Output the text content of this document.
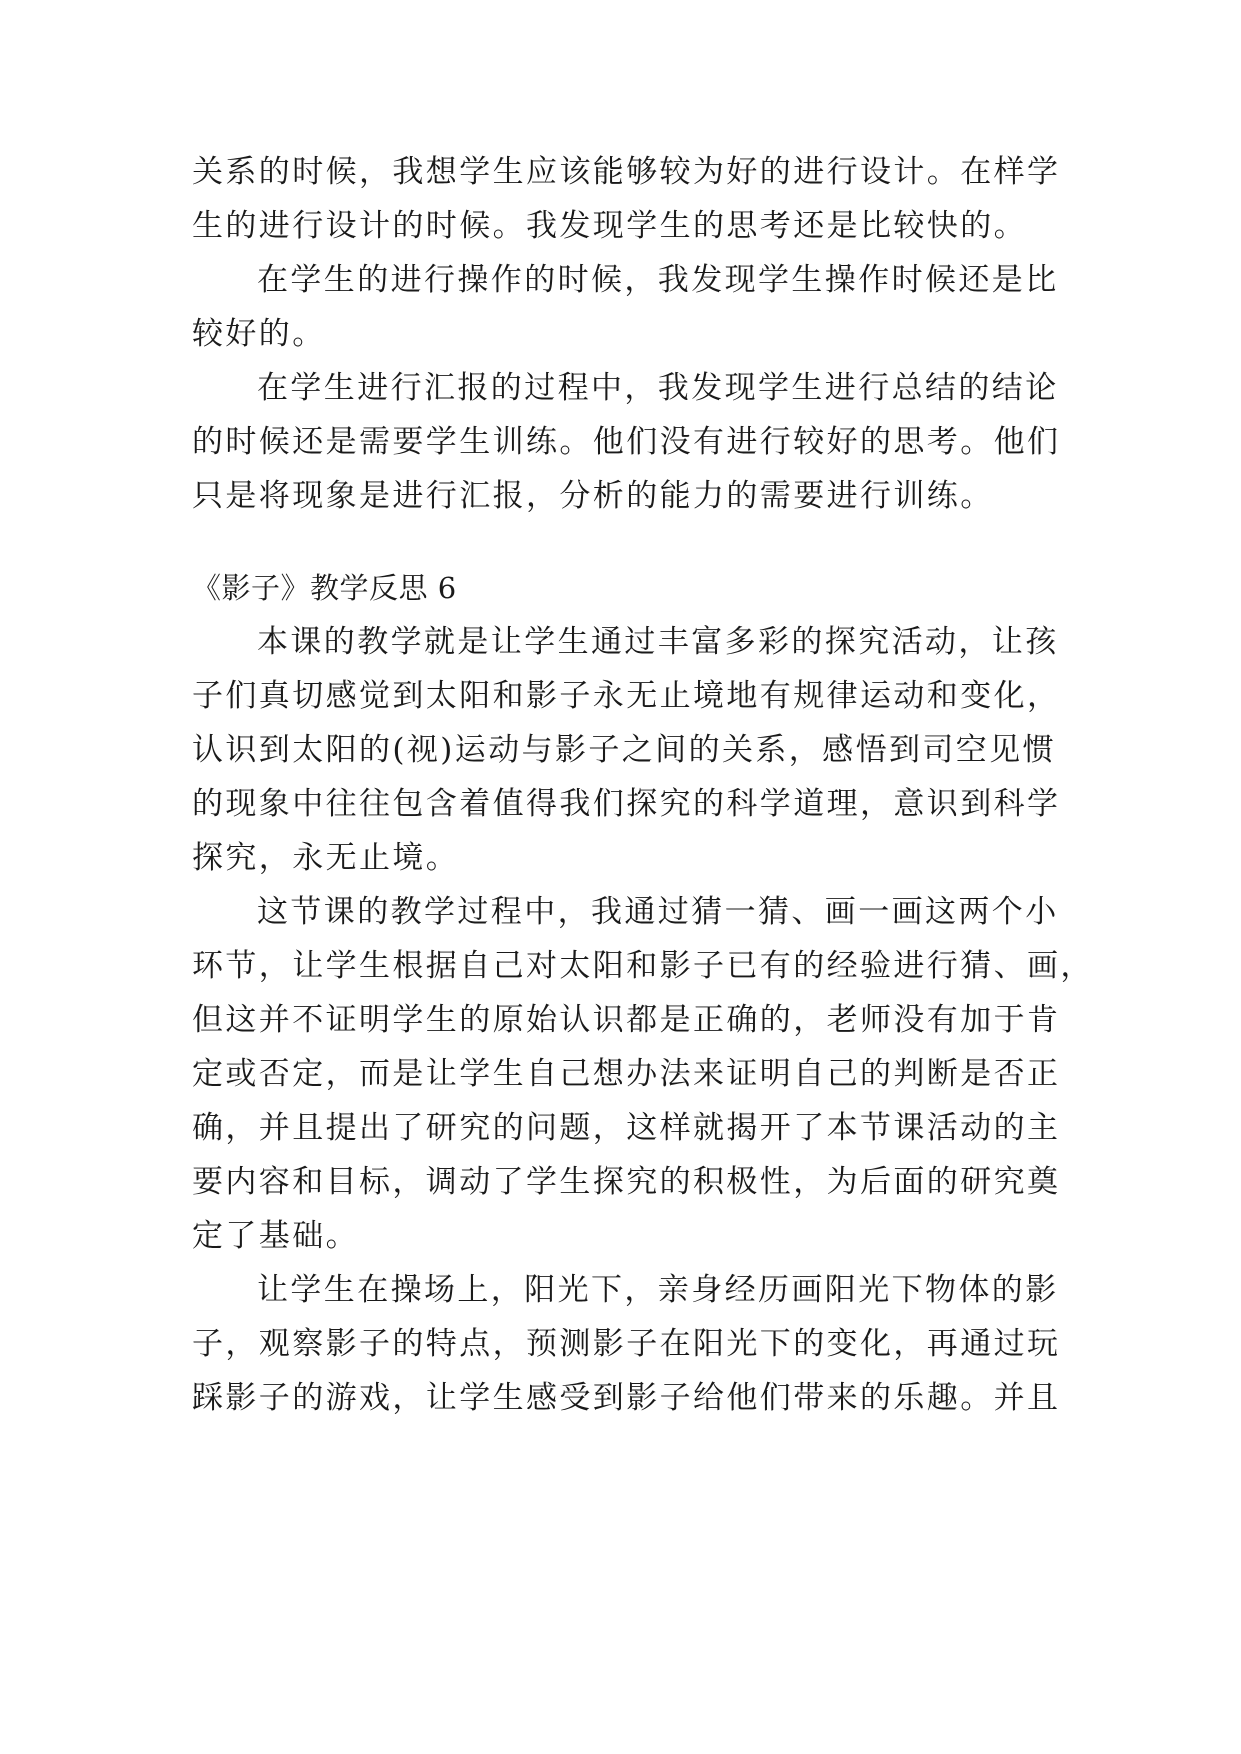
关系的时候，我想学生应该能够较为好的进行设计。在样学
生的进行设计的时候。我发现学生的思考还是比较快的。
在学生的进行操作的时候，我发现学生操作时候还是比
较好的。
在学生进行汇报的过程中，我发现学生进行总结的结论
的时候还是需要学生训练。他们没有进行较好的思考。他们
只是将现象是进行汇报，分析的能力的需要进行训练。
《影子》教学反思 6
本课的教学就是让学生通过丰富多彩的探究活动，让孩
子们真切感觉到太阳和影子永无止境地有规律运动和变化，
认识到太阳的(视)运动与影子之间的关系，感悟到司空见惯
的现象中往往包含着值得我们探究的科学道理，意识到科学
探究，永无止境。
这节课的教学过程中，我通过猜一猜、画一画这两个小
环节，让学生根据自己对太阳和影子已有的经验进行猜、画，
但这并不证明学生的原始认识都是正确的，老师没有加于肯
定或否定，而是让学生自己想办法来证明自己的判断是否正
确，并且提出了研究的问题，这样就揭开了本节课活动的主
要内容和目标，调动了学生探究的积极性，为后面的研究奠
定了基础。
让学生在操场上，阳光下，亲身经历画阳光下物体的影
子，观察影子的特点，预测影子在阳光下的变化，再通过玩
踩影子的游戏，让学生感受到影子给他们带来的乐趣。并且
